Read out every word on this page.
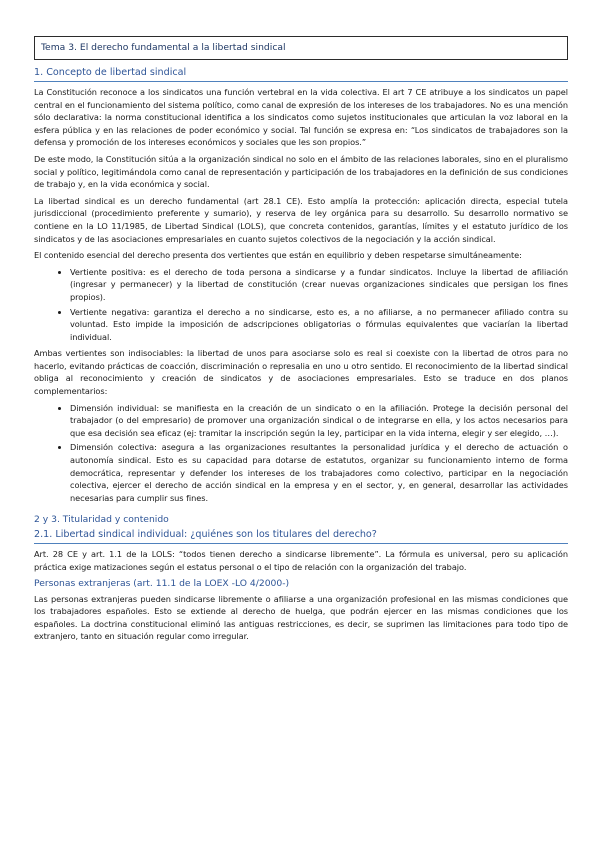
Tema 3. El derecho fundamental a la libertad sindical
1. Concepto de libertad sindical

La Constitución reconoce a los sindicatos una función vertebral en la vida colectiva. El art 7 CE atribuye a los sindicatos un papel central en el funcionamiento del sistema político, como canal de expresión de los intereses de los trabajadores. No es una mención sólo declarativa: la norma constitucional identifica a los sindicatos como sujetos institucionales que articulan la voz laboral en la esfera pública y en las relaciones de poder económico y social. Tal función se expresa en: “Los sindicatos de trabajadores son la defensa y promoción de los intereses económicos y sociales que les son propios.”

De este modo, la Constitución sitúa a la organización sindical no solo en el ámbito de las relaciones laborales, sino en el pluralismo social y político, legitimándola como canal de representación y participación de los trabajadores en la definición de sus condiciones de trabajo y, en la vida económica y social.

La libertad sindical es un derecho fundamental (art 28.1 CE). Esto amplía la protección: aplicación directa, especial tutela jurisdiccional (procedimiento preferente y sumario), y reserva de ley orgánica para su desarrollo. Su desarrollo normativo se contiene en la LO 11/1985, de Libertad Sindical (LOLS), que concreta contenidos, garantías, límites y el estatuto jurídico de los sindicatos y de las asociaciones empresariales en cuanto sujetos colectivos de la negociación y la acción sindical.

El contenido esencial del derecho presenta dos vertientes que están en equilibrio y deben respetarse simultáneamente:

• Vertiente positiva: es el derecho de toda persona a sindicarse y a fundar sindicatos. Incluye la libertad de afiliación (ingresar y permanecer) y la libertad de constitución (crear nuevas organizaciones sindicales que persigan los fines propios).
• Vertiente negativa: garantiza el derecho a no sindicarse, esto es, a no afiliarse, a no permanecer afiliado contra su voluntad. Esto impide la imposición de adscripciones obligatorias o fórmulas equivalentes que vaciarían la libertad individual.

Ambas vertientes son indisociables: la libertad de unos para asociarse solo es real si coexiste con la libertad de otros para no hacerlo, evitando prácticas de coacción, discriminación o represalia en uno u otro sentido. El reconocimiento de la libertad sindical obliga al reconocimiento y creación de sindicatos y de asociaciones empresariales. Esto se traduce en dos planos complementarios:

• Dimensión individual: se manifiesta en la creación de un sindicato o en la afiliación. Protege la decisión personal del trabajador (o del empresario) de promover una organización sindical o de integrarse en ella, y los actos necesarios para que esa decisión sea eficaz (ej: tramitar la inscripción según la ley, participar en la vida interna, elegir y ser elegido, …).
• Dimensión colectiva: asegura a las organizaciones resultantes la personalidad jurídica y el derecho de actuación o autonomía sindical. Esto es su capacidad para dotarse de estatutos, organizar su funcionamiento interno de forma democrática, representar y defender los intereses de los trabajadores como colectivo, participar en la negociación colectiva, ejercer el derecho de acción sindical en la empresa y en el sector, y, en general, desarrollar las actividades necesarias para cumplir sus fines.
2 y 3. Titularidad y contenido
2.1. Libertad sindical individual: ¿quiénes son los titulares del derecho?

Art. 28 CE y art. 1.1 de la LOLS: “todos tienen derecho a sindicarse libremente”. La fórmula es universal, pero su aplicación práctica exige matizaciones según el estatus personal o el tipo de relación con la organización del trabajo.

Personas extranjeras (art. 11.1 de la LOEX -LO 4/2000-)

Las personas extranjeras pueden sindicarse libremente o afiliarse a una organización profesional en las mismas condiciones que los trabajadores españoles. Esto se extiende al derecho de huelga, que podrán ejercer en las mismas condiciones que los españoles. La doctrina constitucional eliminó las antiguas restricciones, es decir, se suprimen las limitaciones para todo tipo de extranjero, tanto en situación regular como irregular.
